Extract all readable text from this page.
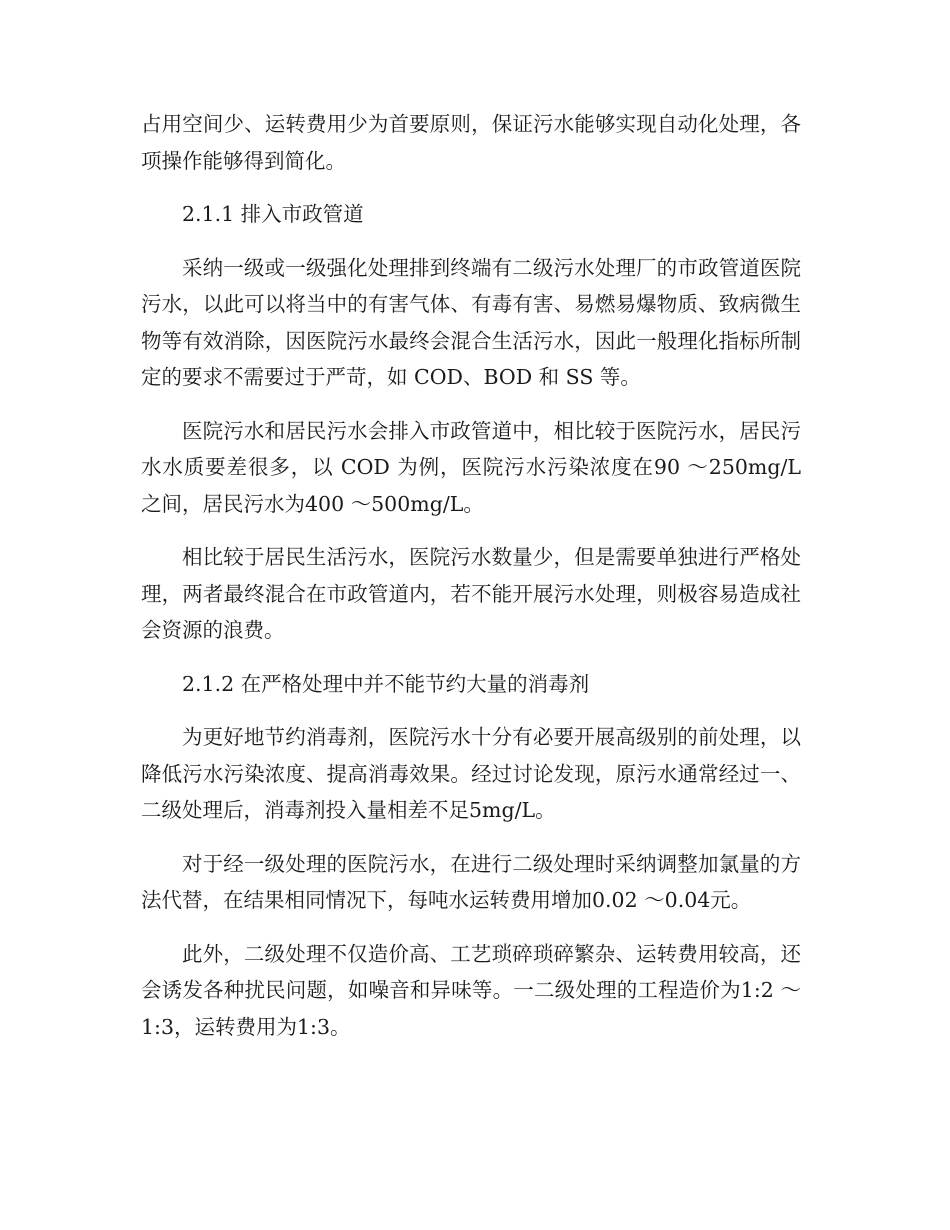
占用空间少、运转费用少为首要原则，保证污水能够实现自动化处理，各项操作能够得到简化。

2.1.1 排入市政管道

采纳一级或一级强化处理排到终端有二级污水处理厂的市政管道医院污水，以此可以将当中的有害气体、有毒有害、易燃易爆物质、致病微生物等有效消除，因医院污水最终会混合生活污水，因此一般理化指标所制定的要求不需要过于严苛，如 COD、BOD 和 SS 等。

医院污水和居民污水会排入市政管道中，相比较于医院污水，居民污水水质要差很多，以 COD 为例，医院污水污染浓度在90 ～250mg/L 之间，居民污水为400 ～500mg/L。

相比较于居民生活污水，医院污水数量少，但是需要单独进行严格处理，两者最终混合在市政管道内，若不能开展污水处理，则极容易造成社会资源的浪费。

2.1.2 在严格处理中并不能节约大量的消毒剂

为更好地节约消毒剂，医院污水十分有必要开展高级别的前处理，以降低污水污染浓度、提高消毒效果。经过讨论发现，原污水通常经过一、二级处理后，消毒剂投入量相差不足5mg/L。

对于经一级处理的医院污水，在进行二级处理时采纳调整加氯量的方法代替，在结果相同情况下，每吨水运转费用增加0.02 ～0.04元。

此外，二级处理不仅造价高、工艺琐碎琐碎繁杂、运转费用较高，还会诱发各种扰民问题，如噪音和异味等。一二级处理的工程造价为1:2 ～1:3，运转费用为1:3。
